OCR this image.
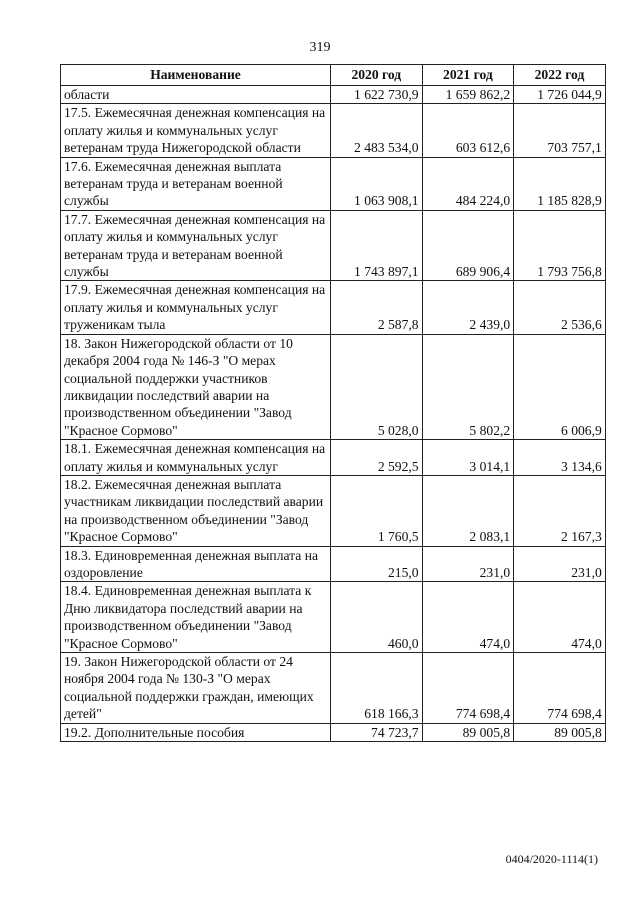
319
Наименование	2020 год	2021 год	2022 год
области	1 622 730,9	1 659 862,2	1 726 044,9
17.5. Ежемесячная денежная компенсация на оплату жилья и коммунальных услуг ветеранам труда Нижегородской области	2 483 534,0	603 612,6	703 757,1
17.6. Ежемесячная денежная выплата ветеранам труда и ветеранам военной службы	1 063 908,1	484 224,0	1 185 828,9
17.7. Ежемесячная денежная компенсация на оплату жилья и коммунальных услуг ветеранам труда и ветеранам военной службы	1 743 897,1	689 906,4	1 793 756,8
17.9. Ежемесячная денежная компенсация на оплату жилья и коммунальных услуг труженикам тыла	2 587,8	2 439,0	2 536,6
18. Закон Нижегородской области от 10 декабря 2004 года № 146-З "О мерах социальной поддержки участников ликвидации последствий аварии на производственном объединении "Завод "Красное Сормово"	5 028,0	5 802,2	6 006,9
18.1. Ежемесячная денежная компенсация на оплату жилья и коммунальных услуг	2 592,5	3 014,1	3 134,6
18.2. Ежемесячная денежная выплата участникам ликвидации последствий аварии на производственном объединении "Завод "Красное Сормово"	1 760,5	2 083,1	2 167,3
18.3. Единовременная денежная выплата на оздоровление	215,0	231,0	231,0
18.4. Единовременная денежная выплата к Дню ликвидатора последствий аварии на производственном объединении "Завод "Красное Сормово"	460,0	474,0	474,0
19. Закон Нижегородской области от 24 ноября 2004 года № 130-З "О мерах социальной поддержки граждан, имеющих детей"	618 166,3	774 698,4	774 698,4
19.2. Дополнительные пособия	74 723,7	89 005,8	89 005,8
0404/2020-1114(1)
